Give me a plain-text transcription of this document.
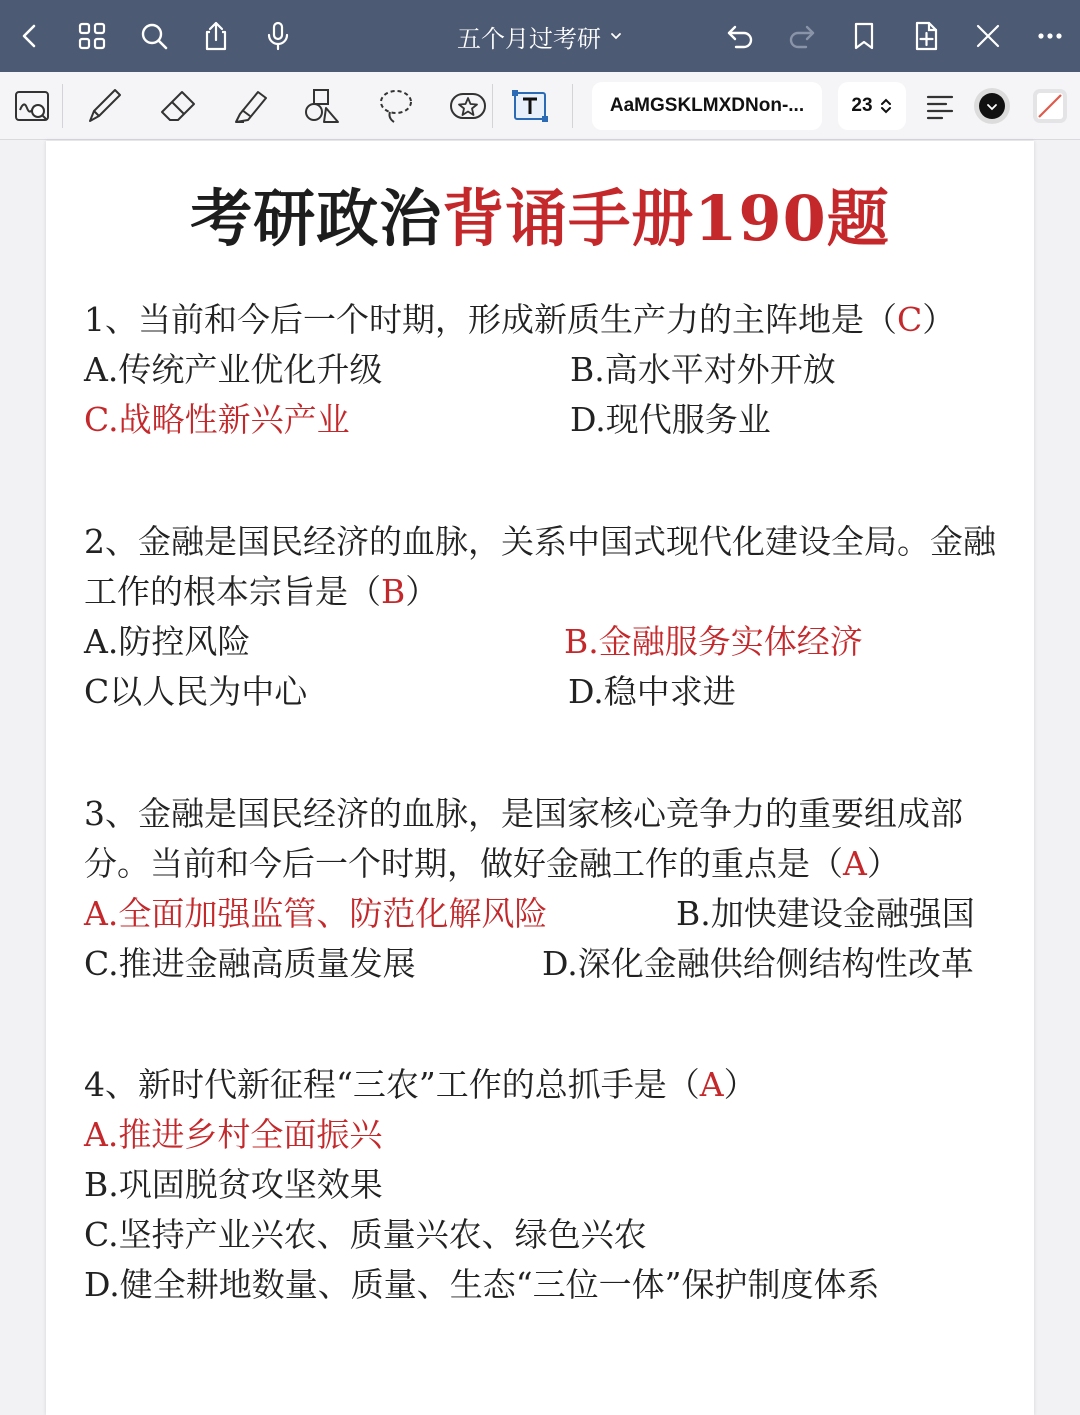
五个月过考研
AaMGSKLMXDNon-...	23
考研政治背诵手册190题
1、当前和今后一个时期，形成新质生产力的主阵地是（C）
A.传统产业优化升级	B.高水平对外开放
C.战略性新兴产业	D.现代服务业
2、金融是国民经济的血脉，关系中国式现代化建设全局。金融
工作的根本宗旨是（B）
A.防控风险	B.金融服务实体经济
C以人民为中心	D.稳中求进
3、金融是国民经济的血脉，是国家核心竞争力的重要组成部
分。当前和今后一个时期，做好金融工作的重点是（A）
A.全面加强监管、防范化解风险	B.加快建设金融强国
C.推进金融高质量发展	D.深化金融供给侧结构性改革
4、新时代新征程“三农”工作的总抓手是（A）
A.推进乡村全面振兴
B.巩固脱贫攻坚效果
C.坚持产业兴农、质量兴农、绿色兴农
D.健全耕地数量、质量、生态“三位一体”保护制度体系
